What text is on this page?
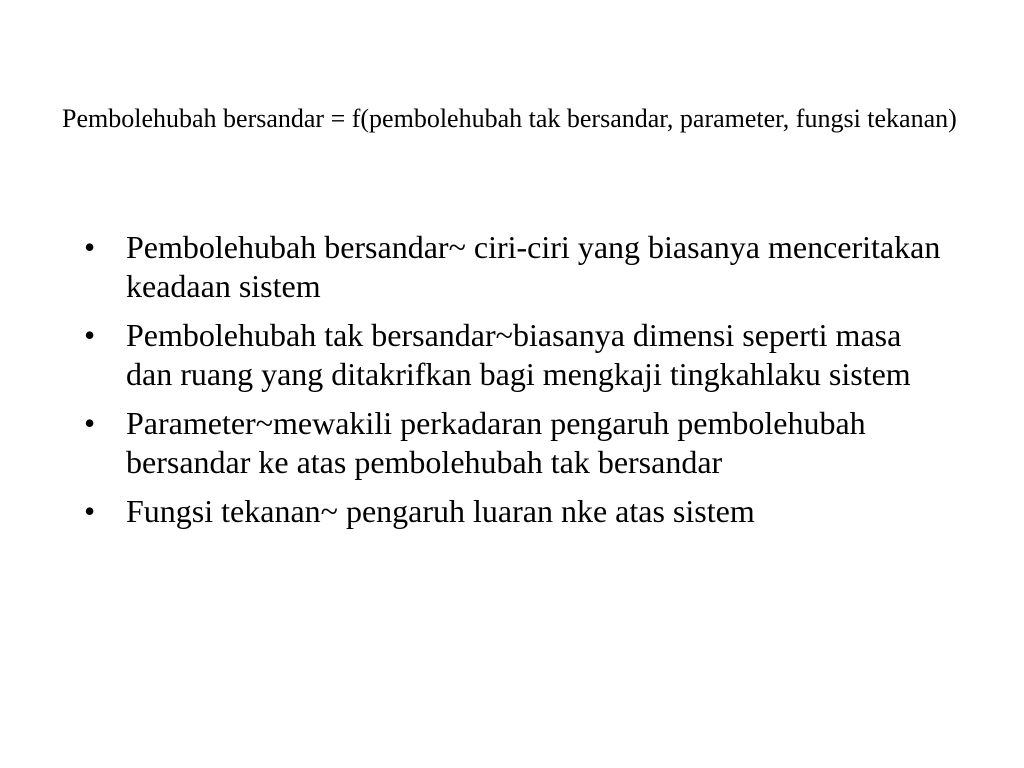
Pembolehubah bersandar = f(pembolehubah tak bersandar, parameter, fungsi tekanan)
• Pembolehubah bersandar~ ciri-ciri yang biasanya menceritakan keadaan sistem
• Pembolehubah tak bersandar~biasanya dimensi seperti masa dan ruang yang ditakrifkan bagi mengkaji tingkahlaku sistem
• Parameter~mewakili perkadaran pengaruh pembolehubah bersandar ke atas pembolehubah tak bersandar
• Fungsi tekanan~ pengaruh luaran nke atas sistem
